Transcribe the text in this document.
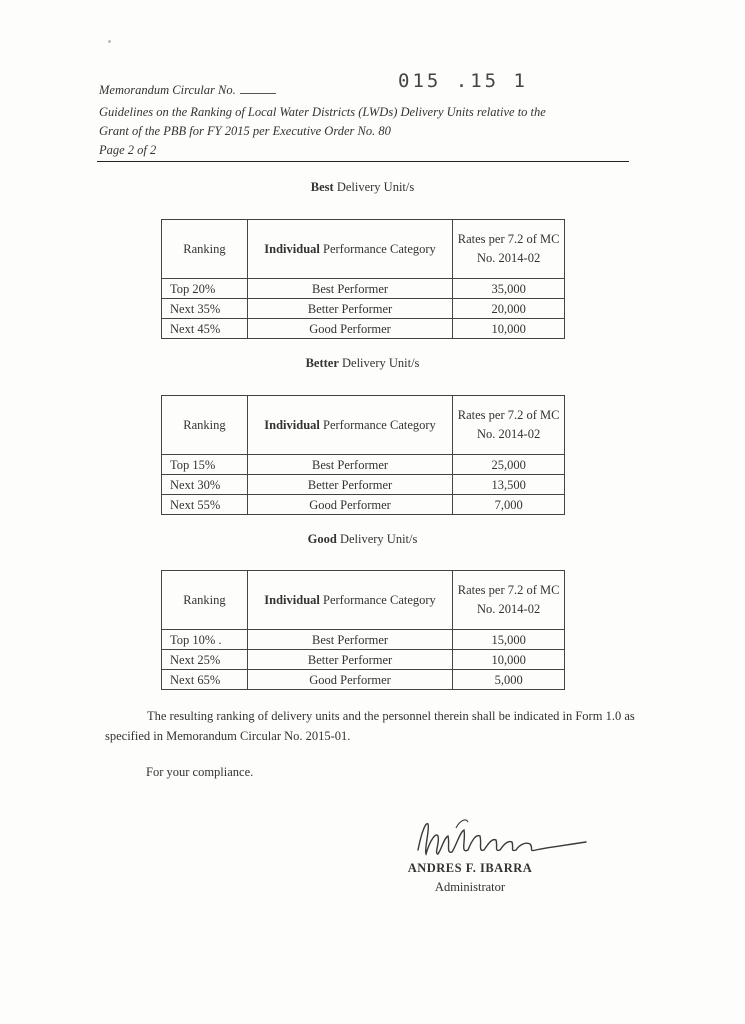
Memorandum Circular No.	015 .15 1
Guidelines on the Ranking of Local Water Districts (LWDs) Delivery Units relative to the
Grant of the PBB for FY 2015 per Executive Order No. 80
Page 2 of 2
Best Delivery Unit/s
Ranking	Individual Performance Category	Rates per 7.2 of MC No. 2014-02
Top 20%	Best Performer	35,000
Next 35%	Better Performer	20,000
Next 45%	Good Performer	10,000
Better Delivery Unit/s
Ranking	Individual Performance Category	Rates per 7.2 of MC No. 2014-02
Top 15%	Best Performer	25,000
Next 30%	Better Performer	13,500
Next 55%	Good Performer	7,000
Good Delivery Unit/s
Ranking	Individual Performance Category	Rates per 7.2 of MC No. 2014-02
Top 10% .	Best Performer	15,000
Next 25%	Better Performer	10,000
Next 65%	Good Performer	5,000
The resulting ranking of delivery units and the personnel therein shall be indicated in Form 1.0 as specified in Memorandum Circular No. 2015-01.
For your compliance.
ANDRES F. IBARRA
Administrator
